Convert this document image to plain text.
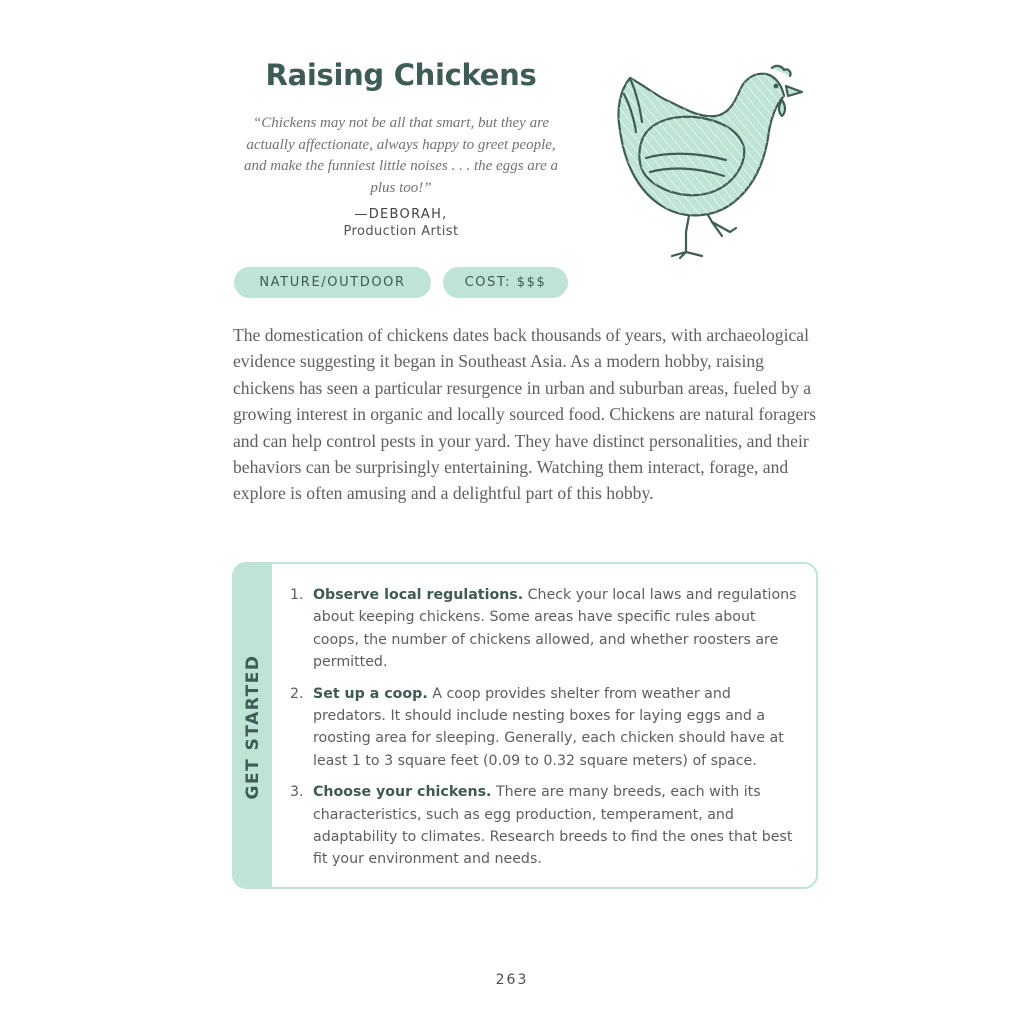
Raising Chickens
“Chickens may not be all that smart, but they are actually affectionate, always happy to greet people, and make the funniest little noises . . . the eggs are a plus too!”
—DEBORAH,
Production Artist
NATURE/OUTDOOR	COST: $$$
The domestication of chickens dates back thousands of years, with archaeological evidence suggesting it began in Southeast Asia. As a modern hobby, raising chickens has seen a particular resurgence in urban and suburban areas, fueled by a growing interest in organic and locally sourced food. Chickens are natural foragers and can help control pests in your yard. They have distinct personalities, and their behaviors can be surprisingly entertaining. Watching them interact, forage, and explore is often amusing and a delightful part of this hobby.
GET STARTED
1. Observe local regulations. Check your local laws and regulations about keeping chickens. Some areas have specific rules about coops, the number of chickens allowed, and whether roosters are permitted.
2. Set up a coop. A coop provides shelter from weather and predators. It should include nesting boxes for laying eggs and a roosting area for sleeping. Generally, each chicken should have at least 1 to 3 square feet (0.09 to 0.32 square meters) of space.
3. Choose your chickens. There are many breeds, each with its characteristics, such as egg production, temperament, and adaptability to climates. Research breeds to find the ones that best fit your environment and needs.
263
